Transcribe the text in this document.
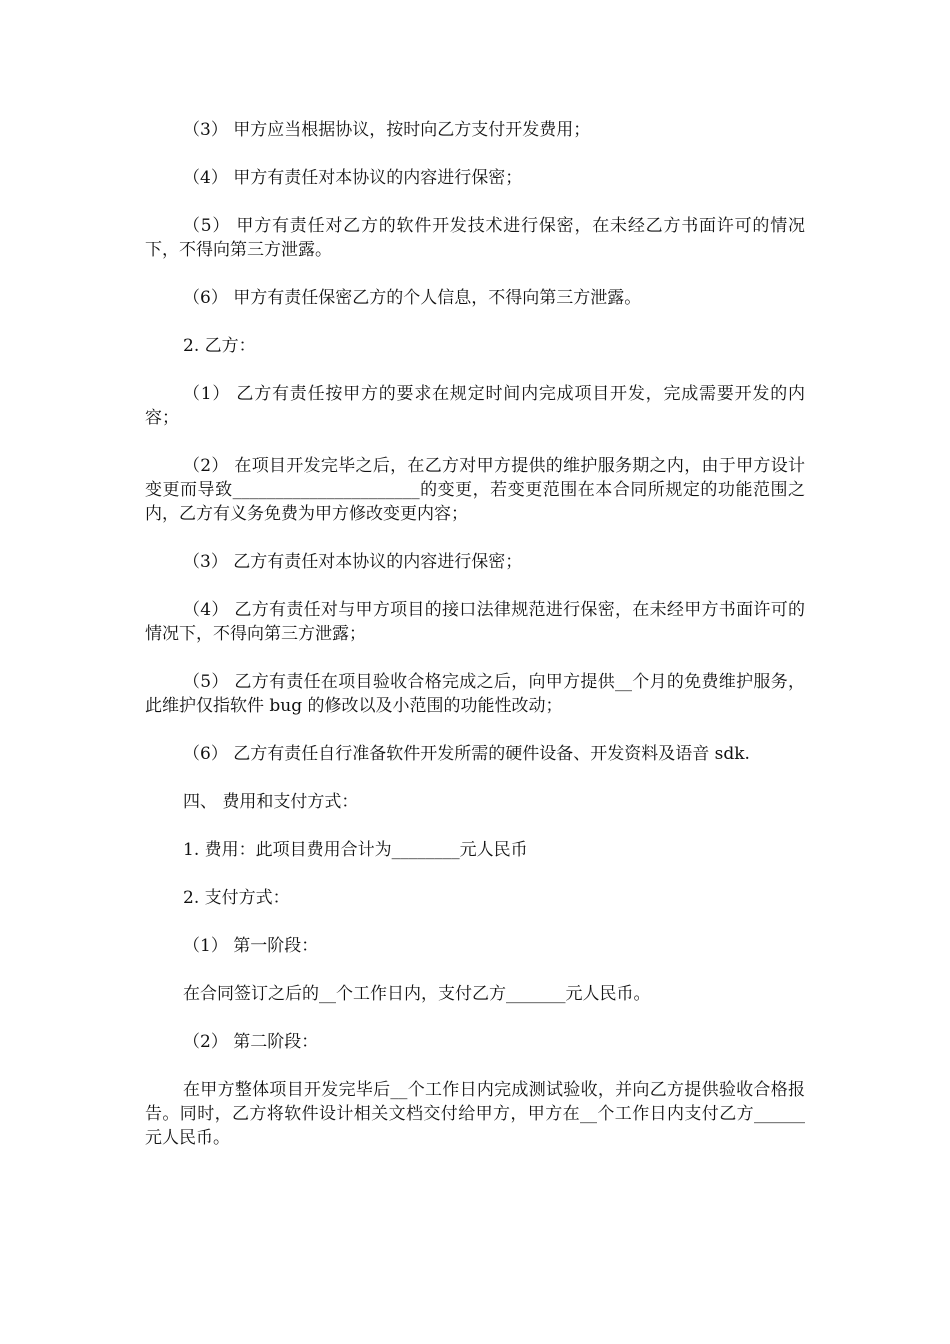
（3） 甲方应当根据协议，按时向乙方支付开发费用；

（4） 甲方有责任对本协议的内容进行保密；

（5） 甲方有责任对乙方的软件开发技术进行保密，在未经乙方书面许可的情况下，不得向第三方泄露。

（6） 甲方有责任保密乙方的个人信息，不得向第三方泄露。

2. 乙方：

（1） 乙方有责任按甲方的要求在规定时间内完成项目开发，完成需要开发的内容；

（2） 在项目开发完毕之后，在乙方对甲方提供的维护服务期之内，由于甲方设计变更而导致______________________的变更，若变更范围在本合同所规定的功能范围之内，乙方有义务免费为甲方修改变更内容；

（3） 乙方有责任对本协议的内容进行保密；

（4） 乙方有责任对与甲方项目的接口法律规范进行保密，在未经甲方书面许可的情况下，不得向第三方泄露；

（5） 乙方有责任在项目验收合格完成之后，向甲方提供__个月的免费维护服务，此维护仅指软件 bug 的修改以及小范围的功能性改动；

（6） 乙方有责任自行准备软件开发所需的硬件设备、开发资料及语音 sdk.

四、 费用和支付方式：

1. 费用：此项目费用合计为________元人民币

2. 支付方式：

（1） 第一阶段：

在合同签订之后的__个工作日内，支付乙方_______元人民币。

（2） 第二阶段：

在甲方整体项目开发完毕后__个工作日内完成测试验收，并向乙方提供验收合格报告。同时，乙方将软件设计相关文档交付给甲方，甲方在__个工作日内支付乙方______元人民币。
